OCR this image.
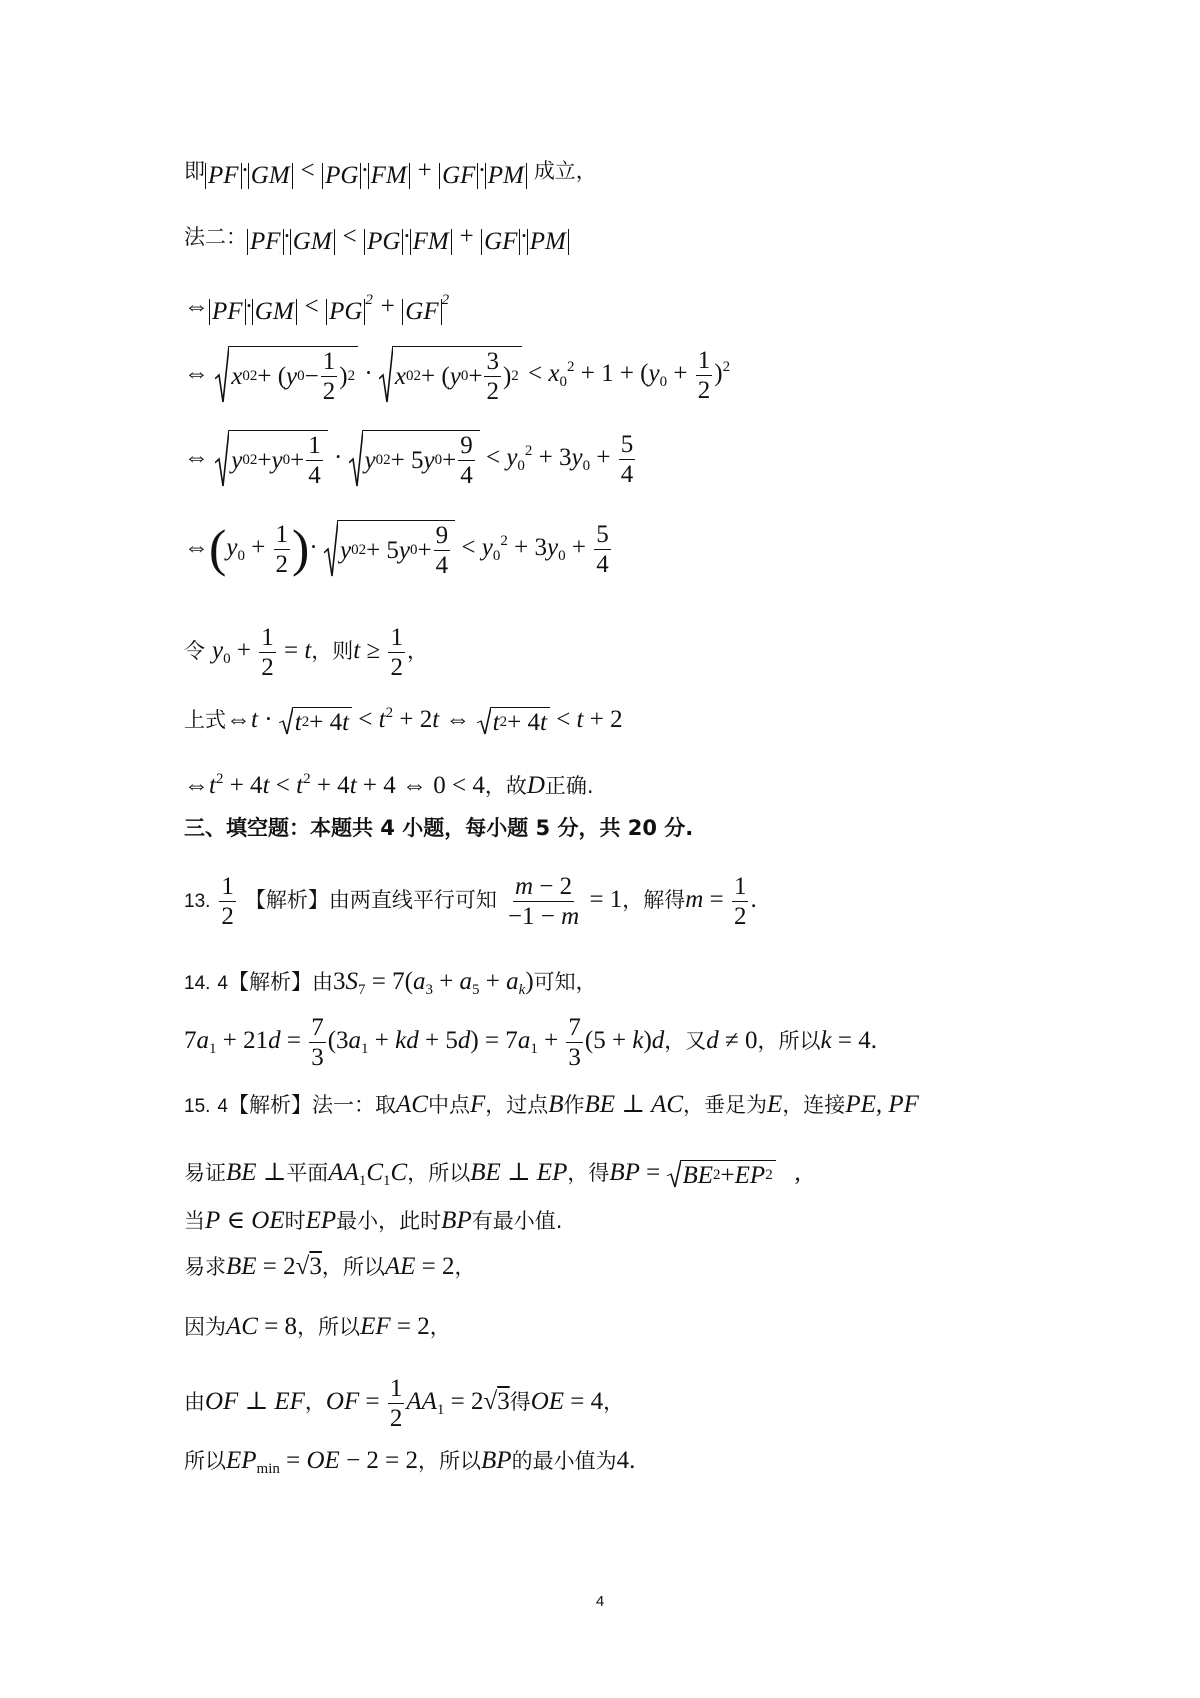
即 PF · GM < PG · FM + GF · PM 成立，
法二： PF · GM < PG · FM + GF · PM
⇔ PF · GM < PG $^2$ + GF $^2$
⇔ x 0 2 + ( y $0 - \frac{1}{2}$ ) 2 · x 0 2 + ( y $0 + \frac{3}{2}$ ) $2 < x_0^2 + 1 + (y_0 + \frac{1}{2} )^2$
⇔ y 0 2 + y $0 + \frac{1}{4} \cdot y$ 0 2 + 5 y $0 + \frac{9}{4} < y_0^2 + 3y_0 + \frac{5}{4}$
$\Leftrightarrow(y_0 + \frac{1}{2}$ )· y 0 2 + 5 y $0 + \frac{9}{4} < y_0^2 + 3y_0 + \frac{5}{4}$
令 $y_0 + \frac{1}{2} = t$，则$t \ge \frac{1}{2}$ ，
上式⇔t · t 2 + 4 $t < t^2 + 2t$ ⇔ t 2 + 4 t < t + 2
$\Leftrightarrow t^2 + 4t < t^2 + 4t + 4$ ⇔ 0 < 4，故D正确.
三、填空题：本题共 4 小题，每小题 5 分，共 20 分.
13. $\frac{1}{2}$ 【解析】由两直线平行可知 $\frac{m - 2}{-1 - m} = 1$，解得$m = \frac{1}{2}$ .
14. 4【解析】由$3S_7 = 7(a_3 + a_5 + a_k)$可知，
$7a_1 + 21d = \frac{7}{3} (3a_1$ + kd + $5d) = 7a_1 + \frac{7}{3} (5 + k)d$，又d ≠ 0，所以k = 4.
15. 4【解析】法一：取AC中点F，过点B作BE ⊥ AC，垂足为E，连接PE, PF
易证BE ⊥平面$AA_1C_1C$，所以BE ⊥ EP，得BP = BE 2 + EP 2 ,
当P ∈ OE时EP最小，此时BP有最小值.
易求BE = 2√3，所以AE = 2，
因为AC = 8，所以EF = 2，
由OF ⊥ EF，OF = $\frac{1}{2} AA_1 = 2√3$得OE = 4，
所以$EP_{min}$ = OE − 2 = 2，所以BP的最小值为4.
4
